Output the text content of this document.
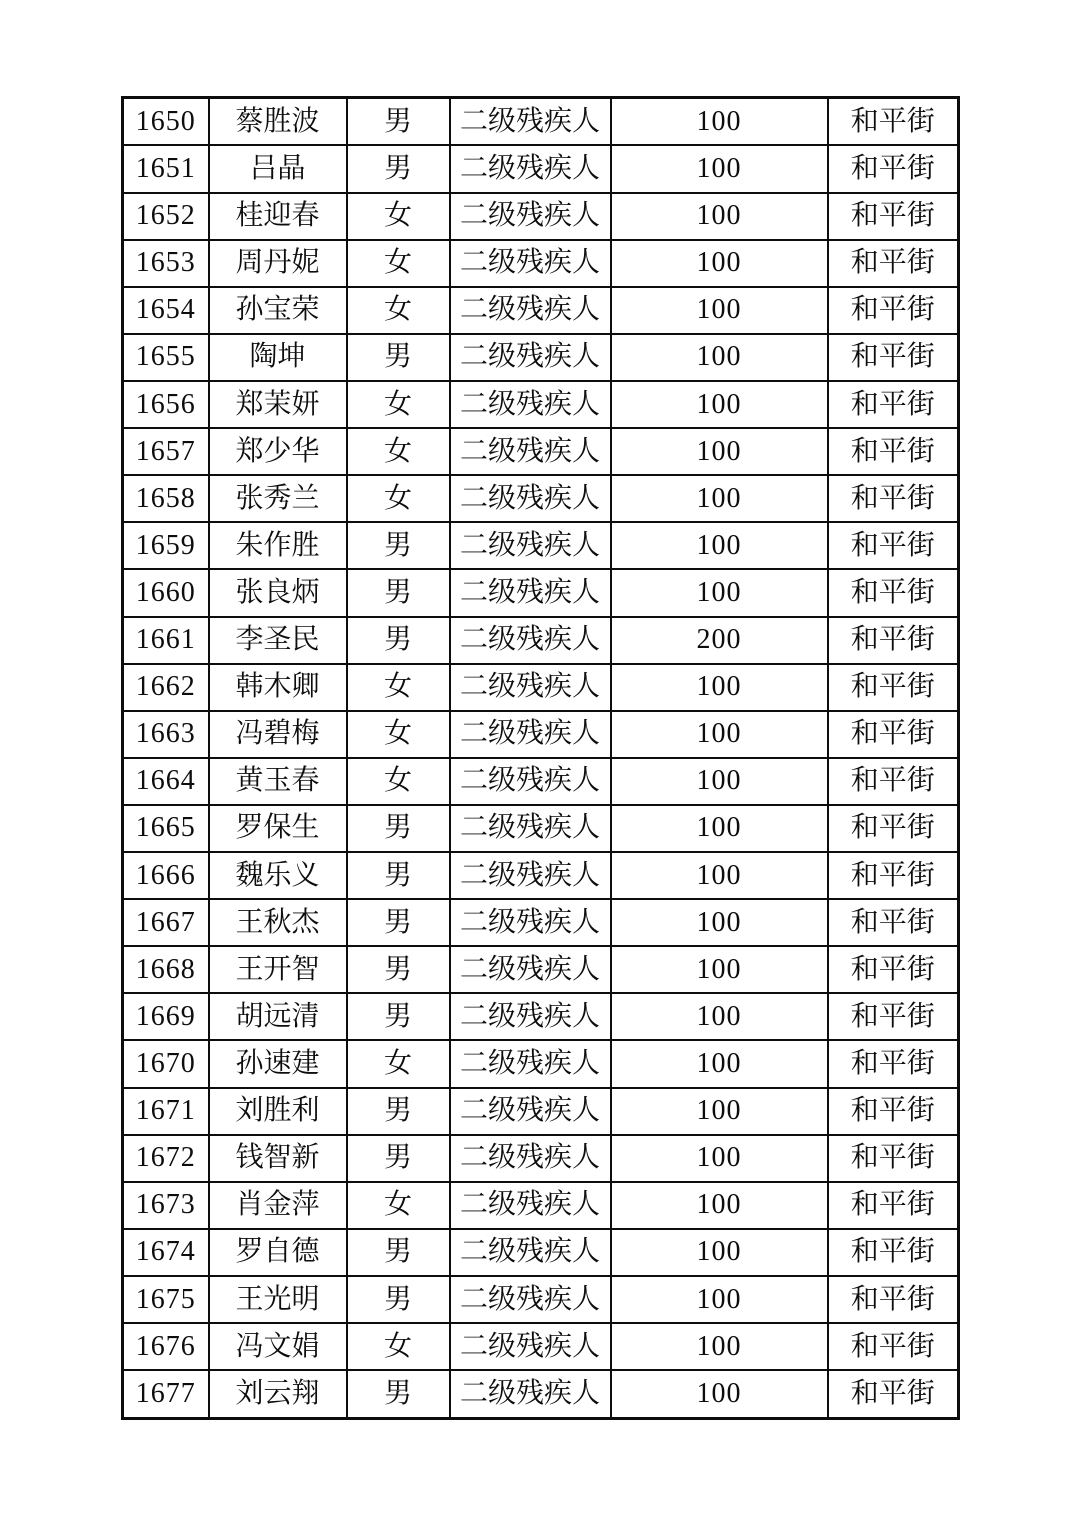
1650	蔡胜波	男	二级残疾人	100	和平街
1651	吕晶	男	二级残疾人	100	和平街
1652	桂迎春	女	二级残疾人	100	和平街
1653	周丹妮	女	二级残疾人	100	和平街
1654	孙宝荣	女	二级残疾人	100	和平街
1655	陶坤	男	二级残疾人	100	和平街
1656	郑茉妍	女	二级残疾人	100	和平街
1657	郑少华	女	二级残疾人	100	和平街
1658	张秀兰	女	二级残疾人	100	和平街
1659	朱作胜	男	二级残疾人	100	和平街
1660	张良炳	男	二级残疾人	100	和平街
1661	李圣民	男	二级残疾人	200	和平街
1662	韩木卿	女	二级残疾人	100	和平街
1663	冯碧梅	女	二级残疾人	100	和平街
1664	黄玉春	女	二级残疾人	100	和平街
1665	罗保生	男	二级残疾人	100	和平街
1666	魏乐义	男	二级残疾人	100	和平街
1667	王秋杰	男	二级残疾人	100	和平街
1668	王开智	男	二级残疾人	100	和平街
1669	胡远清	男	二级残疾人	100	和平街
1670	孙速建	女	二级残疾人	100	和平街
1671	刘胜利	男	二级残疾人	100	和平街
1672	钱智新	男	二级残疾人	100	和平街
1673	肖金萍	女	二级残疾人	100	和平街
1674	罗自德	男	二级残疾人	100	和平街
1675	王光明	男	二级残疾人	100	和平街
1676	冯文娟	女	二级残疾人	100	和平街
1677	刘云翔	男	二级残疾人	100	和平街
